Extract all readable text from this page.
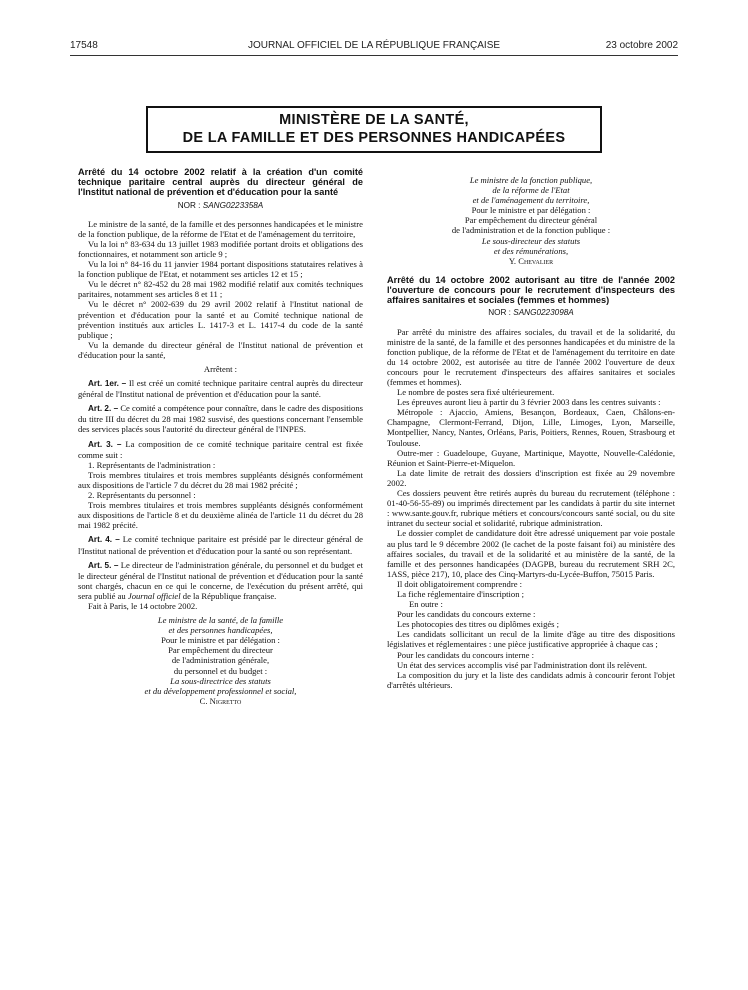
17548	JOURNAL OFFICIEL DE LA RÉPUBLIQUE FRANÇAISE	23 octobre 2002
MINISTÈRE DE LA SANTÉ,
DE LA FAMILLE ET DES PERSONNES HANDICAPÉES
Arrêté du 14 octobre 2002 relatif à la création d'un comité technique paritaire central auprès du directeur général de l'Institut national de prévention et d'éducation pour la santé
NOR : SANG0223358A

Le ministre de la santé, de la famille et des personnes handicapées et le ministre de la fonction publique, de la réforme de l'Etat et de l'aménagement du territoire,

Vu la loi n° 83-634 du 13 juillet 1983 modifiée portant droits et obligations des fonctionnaires, et notamment son article 9 ;

Vu la loi n° 84-16 du 11 janvier 1984 portant dispositions statutaires relatives à la fonction publique de l'Etat, et notamment ses articles 12 et 15 ;

Vu le décret n° 82-452 du 28 mai 1982 modifié relatif aux comités techniques paritaires, notamment ses articles 8 et 11 ;

Vu le décret n° 2002-639 du 29 avril 2002 relatif à l'Institut national de prévention et d'éducation pour la santé et au Comité technique national de prévention institués aux articles L. 1417-3 et L. 1417-4 du code de la santé publique ;

Vu la demande du directeur général de l'Institut national de prévention et d'éducation pour la santé,

Arrêtent :

Art. 1er. – Il est créé un comité technique paritaire central auprès du directeur général de l'Institut national de prévention et d'éducation pour la santé.

Art. 2. – Ce comité a compétence pour connaître, dans le cadre des dispositions du titre III du décret du 28 mai 1982 susvisé, des questions concernant l'ensemble des services placés sous l'autorité du directeur général de l'INPES.

Art. 3. – La composition de ce comité technique paritaire central est fixée comme suit :

1. Représentants de l'administration :

Trois membres titulaires et trois membres suppléants désignés conformément aux dispositions de l'article 7 du décret du 28 mai 1982 précité ;

2. Représentants du personnel :

Trois membres titulaires et trois membres suppléants désignés conformément aux dispositions de l'article 8 et du deuxième alinéa de l'article 11 du décret du 28 mai 1982 précité.

Art. 4. – Le comité technique paritaire est présidé par le directeur général de l'Institut national de prévention et d'éducation pour la santé ou son représentant.

Art. 5. – Le directeur de l'administration générale, du personnel et du budget et le directeur général de l'Institut national de prévention et d'éducation pour la santé sont chargés, chacun en ce qui le concerne, de l'exécution du présent arrêté, qui sera publié au Journal officiel de la République française.

Fait à Paris, le 14 octobre 2002.

Le ministre de la santé, de la famille

et des personnes handicapées,

Pour le ministre et par délégation :

Par empêchement du directeur

de l'administration générale,

du personnel et du budget :

La sous-directrice des statuts

et du développement professionnel et social,

C. Nigretto

Le ministre de la fonction publique,

de la réforme de l'Etat

et de l'aménagement du territoire,

Pour le ministre et par délégation :

Par empêchement du directeur général

de l'administration et de la fonction publique :

Le sous-directeur des statuts

et des rémunérations,

Y. Chevalier

Arrêté du 14 octobre 2002 autorisant au titre de l'année 2002 l'ouverture de concours pour le recrutement d'inspecteurs des affaires sanitaires et sociales (femmes et hommes)
NOR : SANG0223098A

Par arrêté du ministre des affaires sociales, du travail et de la solidarité, du ministre de la santé, de la famille et des personnes handicapées et du ministre de la fonction publique, de la réforme de l'Etat et de l'aménagement du territoire en date du 14 octobre 2002, est autorisée au titre de l'année 2002 l'ouverture de deux concours pour le recrutement d'inspecteurs des affaires sanitaires et sociales (femmes et hommes).

Le nombre de postes sera fixé ultérieurement.

Les épreuves auront lieu à partir du 3 février 2003 dans les centres suivants :

Métropole : Ajaccio, Amiens, Besançon, Bordeaux, Caen, Châlons-en-Champagne, Clermont-Ferrand, Dijon, Lille, Limoges, Lyon, Marseille, Montpellier, Nancy, Nantes, Orléans, Paris, Poitiers, Rennes, Rouen, Strasbourg et Toulouse.

Outre-mer : Guadeloupe, Guyane, Martinique, Mayotte, Nouvelle-Calédonie, Réunion et Saint-Pierre-et-Miquelon.

La date limite de retrait des dossiers d'inscription est fixée au 29 novembre 2002.

Ces dossiers peuvent être retirés auprès du bureau du recrutement (téléphone : 01-40-56-55-89) ou imprimés directement par les candidats à partir du site internet : www.sante.gouv.fr, rubrique métiers et concours/concours santé social, ou du site intranet du secteur social et solidarité, rubrique administration.

Le dossier complet de candidature doit être adressé uniquement par voie postale au plus tard le 9 décembre 2002 (le cachet de la poste faisant foi) au ministère des affaires sociales, du travail et de la solidarité et au ministère de la santé, de la famille et des personnes handicapées (DAGPB, bureau du recrutement SRH 2C, 1ASS, pièce 217), 10, place des Cinq-Martyrs-du-Lycée-Buffon, 75015 Paris.

Il doit obligatoirement comprendre :

La fiche réglementaire d'inscription ;

En outre :

Pour les candidats du concours externe :

Les photocopies des titres ou diplômes exigés ;

Les candidats sollicitant un recul de la limite d'âge au titre des dispositions législatives et réglementaires : une pièce justificative appropriée à chaque cas ;

Pour les candidats du concours interne :

Un état des services accomplis visé par l'administration dont ils relèvent.

La composition du jury et la liste des candidats admis à concourir feront l'objet d'arrêtés ultérieurs.
